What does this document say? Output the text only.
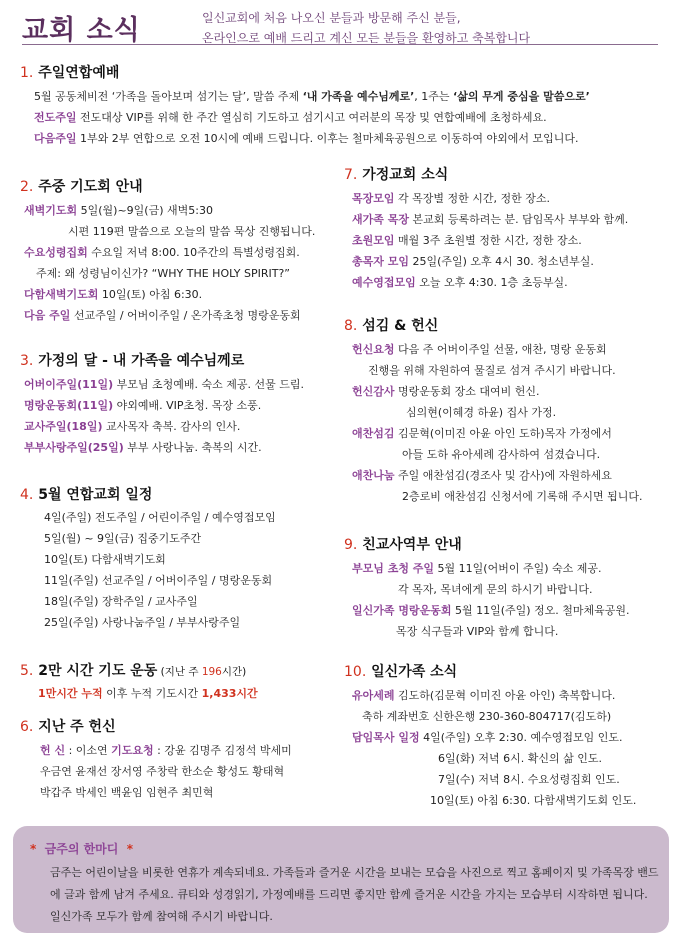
교회 소식	일신교회에 처음 나오신 분들과 방문해 주신 분들,
온라인으로 예배 드리고 계신 모든 분들을 환영하고 축복합니다
1. 주일연합예배
5월 공동체비전 ‘가족을 돌아보며 섬기는 달’, 말씀 주제 ‘내 가족을 예수님께로’, 1주는 ‘삶의 무게 중심을 말씀으로’
전도주일 전도대상 VIP를 위해 한 주간 열심히 기도하고 섬기시고 여러분의 목장 및 연합예배에 초청하세요.
다음주일 1부와 2부 연합으로 오전 10시에 예배 드립니다. 이후는 철마체육공원으로 이동하여 야외에서 모입니다.
2. 주중 기도회 안내
새벽기도회 5일(월)~9일(금) 새벽5:30
시편 119편 말씀으로 오늘의 말씀 묵상 진행됩니다.
수요성령집회 수요일 저녁 8:00. 10주간의 특별성령집회.
주제: 왜 성령님이신가? “WHY THE HOLY SPIRIT?”
다함새벽기도회 10일(토) 아침 6:30.
다음 주일 선교주일 / 어버이주일 / 온가족초청 명랑운동회
3. 가정의 달 - 내 가족을 예수님께로
어버이주일(11일) 부모님 초청예배. 숙소 제공. 선물 드림.
명랑운동회(11일) 야외예배. VIP초청. 목장 소풍.
교사주일(18일) 교사목자 축복. 감사의 인사.
부부사랑주일(25일) 부부 사랑나눔. 축복의 시간.
4. 5월 연합교회 일정
4일(주일) 전도주일 / 어린이주일 / 예수영접모임
5일(월) ~ 9일(금) 집중기도주간
10일(토) 다함새벽기도회
11일(주일) 선교주일 / 어버이주일 / 명랑운동회
18일(주일) 장학주일 / 교사주일
25일(주일) 사랑나눔주일 / 부부사랑주일
5. 2만 시간 기도 운동 (지난 주 196시간)
1만시간 누적 이후 누적 기도시간 1,433시간
6. 지난 주 헌신
헌 신 : 이소연 기도요청 : 강윤 김명주 김정석 박세미
우금연 윤재선 장서영 주창락 한소순 황성도 황태혁
박갑주 박세인 백윤임 임현주 최민혁
7. 가정교회 소식
목장모임 각 목장별 정한 시간, 정한 장소.
새가족 목장 본교회 등록하려는 분. 담임목사 부부와 함께.
초원모임 매월 3주 초원별 정한 시간, 정한 장소.
총목자 모임 25일(주일) 오후 4시 30. 청소년부실.
예수영접모임 오늘 오후 4:30. 1층 초등부실.
8. 섬김 & 헌신
헌신요청 다음 주 어버이주일 선물, 애찬, 명랑 운동회
진행을 위해 자원하여 물질로 섬겨 주시기 바랍니다.
헌신감사 명랑운동회 장소 대여비 헌신.
심의현(이혜경 하윤) 집사 가정.
애찬섬김 김문혁(이미진 아윤 아인 도하)목자 가정에서
아들 도하 유아세례 감사하여 섬겼습니다.
애찬나눔 주일 애찬섬김(경조사 및 감사)에 자원하세요
2층로비 애찬섬김 신청서에 기록해 주시면 됩니다.
9. 친교사역부 안내
부모님 초청 주일 5월 11일(어버이 주일) 숙소 제공.
각 목자, 목녀에게 문의 하시기 바랍니다.
일신가족 명랑운동회 5월 11일(주일) 정오. 철마체육공원.
목장 식구들과 VIP와 함께 합니다.
10. 일신가족 소식
유아세례 김도하(김문혁 이미진 아윤 아인) 축복합니다.
축하 계좌번호 신한은행 230-360-804717(김도하)
담임목사 일정 4일(주일) 오후 2:30. 예수영접모임 인도.
6일(화) 저녁 6시. 확신의 삶 인도.
7일(수) 저녁 8시. 수요성령집회 인도.
10일(토) 아침 6:30. 다함새벽기도회 인도.
* 금주의 한마디 *
금주는 어린이날을 비롯한 연휴가 계속되네요. 가족들과 즐거운 시간을 보내는 모습을 사진으로 찍고 홈페이지 및 가족목장 밴드에 글과 함께 남겨 주세요. 큐티와 성경읽기, 가정예배를 드리면 좋지만 함께 즐거운 시간을 가지는 모습부터 시작하면 됩니다. 일신가족 모두가 함께 참여해 주시기 바랍니다.
